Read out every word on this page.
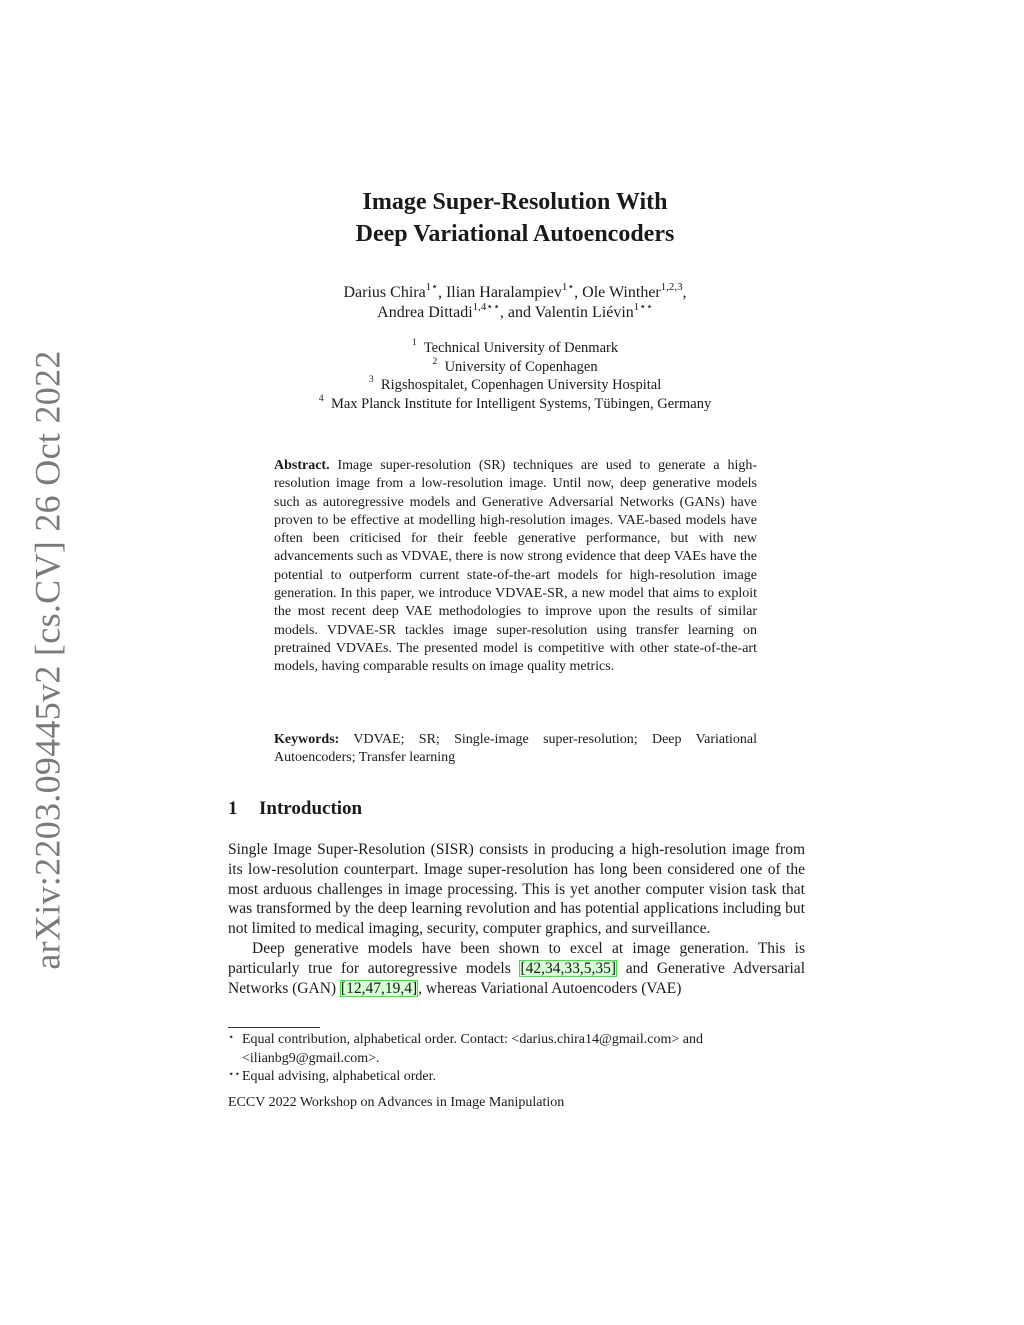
arXiv:2203.09445v2 [cs.CV] 26 Oct 2022
Image Super-Resolution With
Deep Variational Autoencoders
Darius Chira$^{1⋆}$, Ilian Haralampiev$^{1⋆}$, Ole Winther$^{1,2,3}$,
Andrea Dittadi$^{1,4⋆⋆}$, and Valentin Liévin$^{1⋆⋆}$
$^1$ Technical University of Denmark
$^2$ University of Copenhagen
$^3$ Rigshospitalet, Copenhagen University Hospital
$^4$ Max Planck Institute for Intelligent Systems, Tübingen, Germany
Abstract. Image super-resolution (SR) techniques are used to generate a high-resolution image from a low-resolution image. Until now, deep generative models such as autoregressive models and Generative Adversarial Networks (GANs) have proven to be effective at modelling high-resolution images. VAE-based models have often been criticised for their feeble generative performance, but with new advancements such as VDVAE, there is now strong evidence that deep VAEs have the potential to outperform current state-of-the-art models for high-resolution image generation. In this paper, we introduce VDVAE-SR, a new model that aims to exploit the most recent deep VAE methodologies to improve upon the results of similar models. VDVAE-SR tackles image super-resolution using transfer learning on pretrained VDVAEs. The presented model is competitive with other state-of-the-art models, having comparable results on image quality metrics.
Keywords: VDVAE; SR; Single-image super-resolution; Deep Variational Autoencoders; Transfer learning
1 Introduction

Single Image Super-Resolution (SISR) consists in producing a high-resolution image from its low-resolution counterpart. Image super-resolution has long been considered one of the most arduous challenges in image processing. This is yet another computer vision task that was transformed by the deep learning revolution and has potential applications including but not limited to medical imaging, security, computer graphics, and surveillance.

Deep generative models have been shown to excel at image generation. This is particularly true for autoregressive models [42,34,33,5,35] and Generative Adversarial Networks (GAN) [12,47,19,4], whereas Variational Autoencoders (VAE)

⋆ Equal contribution, alphabetical order. Contact: <darius.chira14@gmail.com> and
<ilianbg9@gmail.com>.
⋆⋆ Equal advising, alphabetical order.
ECCV 2022 Workshop on Advances in Image Manipulation
